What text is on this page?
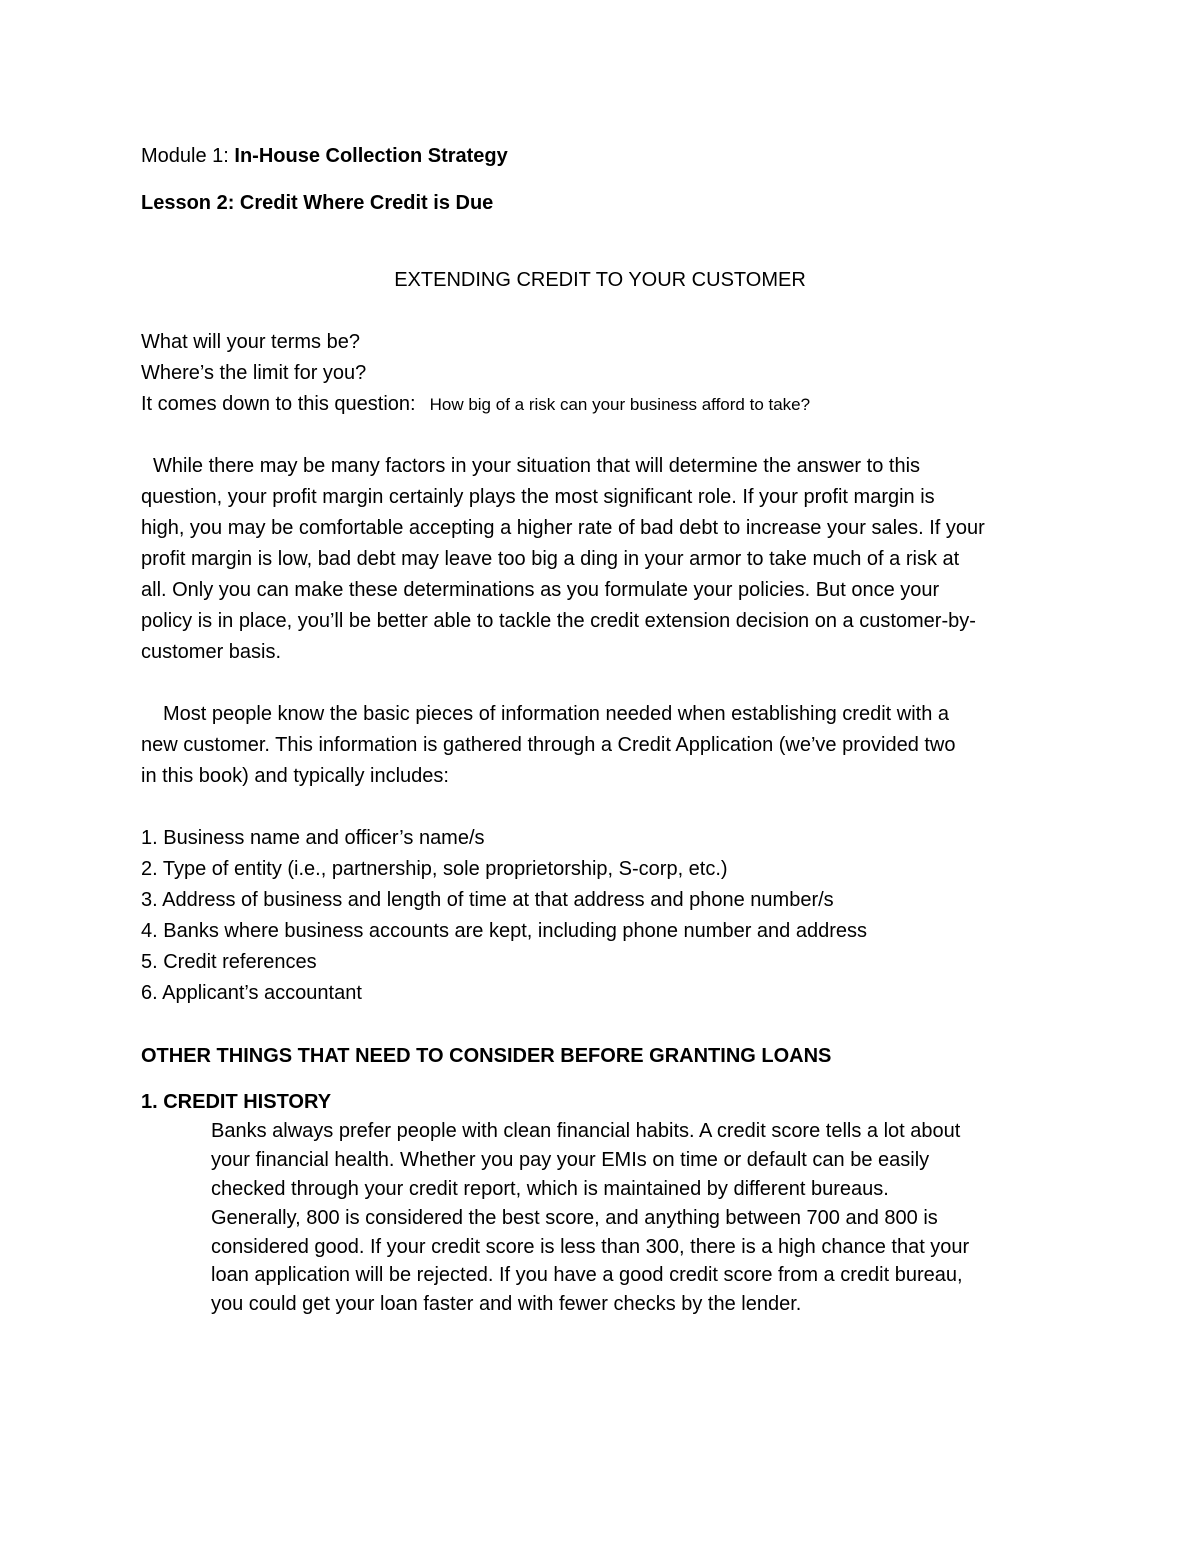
Module 1: In-House Collection Strategy

Lesson 2: Credit Where Credit is Due

EXTENDING CREDIT TO YOUR CUSTOMER

What will your terms be?

Where’s the limit for you?

It comes down to this question: How big of a risk can your business afford to take?

While there may be many factors in your situation that will determine the answer to this

question, your profit margin certainly plays the most significant role. If your profit margin is

high, you may be comfortable accepting a higher rate of bad debt to increase your sales. If your

profit margin is low, bad debt may leave too big a ding in your armor to take much of a risk at

all. Only you can make these determinations as you formulate your policies. But once your

policy is in place, you’ll be better able to tackle the credit extension decision on a customer-by-

customer basis.

Most people know the basic pieces of information needed when establishing credit with a

new customer. This information is gathered through a Credit Application (we’ve provided two

in this book) and typically includes:

1. Business name and officer’s name/s

2. Type of entity (i.e., partnership, sole proprietorship, S-corp, etc.)

3. Address of business and length of time at that address and phone number/s

4. Banks where business accounts are kept, including phone number and address

5. Credit references

6. Applicant’s accountant

OTHER THINGS THAT NEED TO CONSIDER BEFORE GRANTING LOANS

1. CREDIT HISTORY

Banks always prefer people with clean financial habits. A credit score tells a lot about

your financial health. Whether you pay your EMIs on time or default can be easily

checked through your credit report, which is maintained by different bureaus.

Generally, 800 is considered the best score, and anything between 700 and 800 is

considered good. If your credit score is less than 300, there is a high chance that your

loan application will be rejected. If you have a good credit score from a credit bureau,

you could get your loan faster and with fewer checks by the lender.
